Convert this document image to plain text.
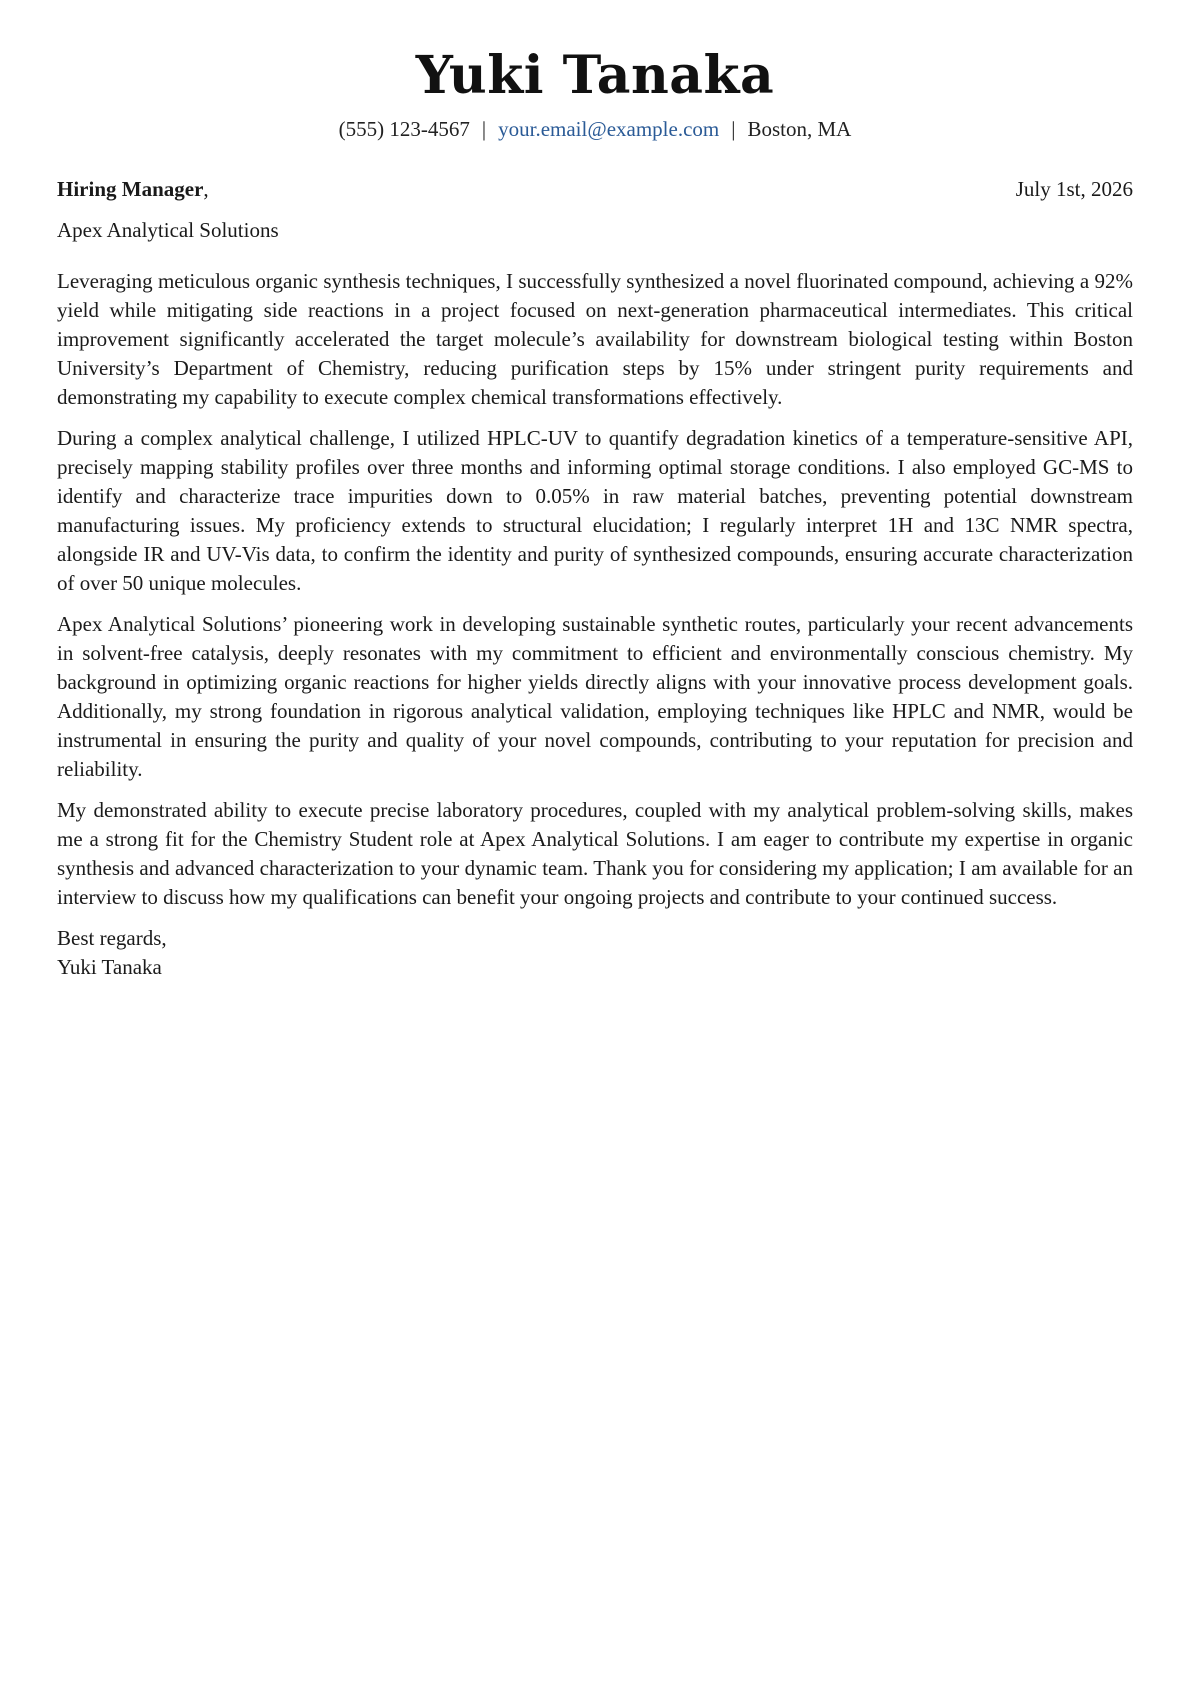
Yuki Tanaka
(555) 123-4567 | your.email@example.com | Boston, MA
Hiring Manager,	July 1st, 2026
Apex Analytical Solutions

Leveraging meticulous organic synthesis techniques, I successfully synthesized a novel fluorinated compound, achieving a 92% yield while mitigating side reactions in a project focused on next-generation pharmaceutical intermediates. This critical improvement significantly accelerated the target molecule’s availability for downstream biological testing within Boston University’s Department of Chemistry, reducing purification steps by 15% under stringent purity requirements and demonstrating my capability to execute complex chemical transformations effectively.

During a complex analytical challenge, I utilized HPLC-UV to quantify degradation kinetics of a temperature-sensitive API, precisely mapping stability profiles over three months and informing optimal storage conditions. I also employed GC-MS to identify and characterize trace impurities down to 0.05% in raw material batches, preventing potential downstream manufacturing issues. My proficiency extends to structural elucidation; I regularly interpret 1H and 13C NMR spectra, alongside IR and UV-Vis data, to confirm the identity and purity of synthesized compounds, ensuring accurate characterization of over 50 unique molecules.

Apex Analytical Solutions’ pioneering work in developing sustainable synthetic routes, particularly your recent advancements in solvent-free catalysis, deeply resonates with my commitment to efficient and environmentally conscious chemistry. My background in optimizing organic reactions for higher yields directly aligns with your innovative process development goals. Additionally, my strong foundation in rigorous analytical validation, employing techniques like HPLC and NMR, would be instrumental in ensuring the purity and quality of your novel compounds, contributing to your reputation for precision and reliability.

My demonstrated ability to execute precise laboratory procedures, coupled with my analytical problem-solving skills, makes me a strong fit for the Chemistry Student role at Apex Analytical Solutions. I am eager to contribute my expertise in organic synthesis and advanced characterization to your dynamic team. Thank you for considering my application; I am available for an interview to discuss how my qualifications can benefit your ongoing projects and contribute to your continued success.

Best regards,
Yuki Tanaka
